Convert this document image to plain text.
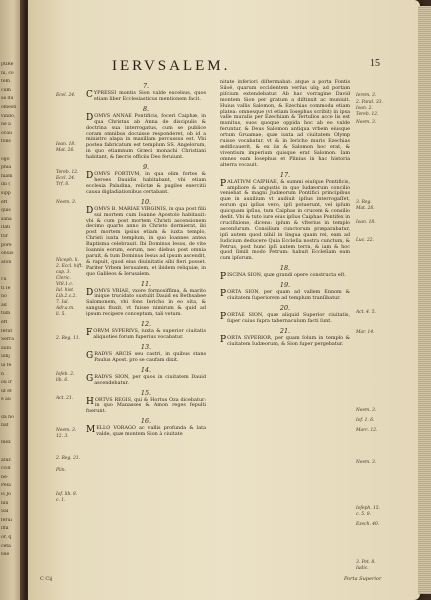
ptiRe
ni, co
tem
cum
as du
omesti
vindo,
ne a
ocau
fons
ogo
phia
hiam
ini (
sipp
eft
quis
sana
itati
tur
pore
onuis
aton
cu
ti Ie
no
ad
tum
eft
ferat
Serra
aulu
udij
ui fe
n
ou ir
ut et
e au
da ho
bat
mex
atur.
ccid
ne-
Pela
is Jo
niu
Sal
ferui
iffa
or, q
ceta
Hie
IERVSALEM.	15
7.
CYPRESSI montis Sion valde excelsus, quos etiam liber Ecclesiasticus mentionem facit.
8.
DOMVS ANNAE Pontificis, foceri Caiphæ, in qua Christus ab Anna de discipulis & doctrina sua interrogatus, cum se publice coram omnibus docuisse responderet, ob id a ministro alapa in maxillam percussus est. Vbi postea fabricatum est templum SS. Angelorum, in quo etiamnum Græci monachi Christiani habitant, & fæcris officiis Deo feruiunt.
9.
DOMVS FORTIVM, in qua olim fortes & heroes Dauidis habitabant, vbi etiam ecclesia Paladina, relictæ & pugiles exercitii causa digladiationibus certabant.
10.
DOMVS B. MARIAE VIRGINIS, in qua post filii sui mortem cum Ioanne Apostolo habitauit: vbi & cum post mortem Christi ascensionem decimo quarto anno in Christo dormierat, ibi post mortem ipsius etiam & iuxta templo, Christi iuxta templum, in quo Ioannes antea Baptisma celebrauit. Ibi Dominus Iesus, de vite Ioannis eorum, eorum, nec diebus post omnia paruit, & tum Dominus Iesus ad ipsum ascendit, & rapuit, quod eius diuinitatis sibi fieri posset. Pariter Vrbem Ierusalem, et ibidem reliquiæ, in quo Galileos & Ierusalem.
11.
DOMVS VRIAE, vxore formosiffima, & marito inique trucidato sustulit Dauid ex Bethsabee Salomonem, vbi fons Iericho in eo sita, & sanguis fluxit, vt fuisse nimirum & quid ad ipsum recipere conceptum, tali vetum.
12.
FORVM SVPERIVS, iuxta & superior ciuitatis aliquoties forum fuperius vocabatur.
13.
GRADVS ARCIS seu castri, in quibus stans Paulus Apost. pro se caufam dixit.
14.
GRADVS SION, per quos in ciuitatem Dauid ascendebatur.
15.
HORTVS REGIS, qui & Hortus Oza dicebatur: in quo Manasses & Amon reges fepulti fuerunt.
16.
MELLO VORAGO ac vallis profunda & lata valde, quæ montem Sion à ciuitate
nitate inferiori diſtermabat: atque a porta Fontis Siloë, quarum occidentem verſus ulq; ad portam piſcium extendebatur. Ab hac vorragine David montem Sion per gratum a diſtinxit ac muniuit. Huius vallis Salomon, & Ezechias commoda etiam platea: omnesque (vt etiam Iosephus scribit) in ipsa valle muralis per Ezechiam & Tertullos acce lis est munitus, suos quoque oppida hoc ab eo valde feruntur, & Deus Salomon antiqua vrbem eiusque ortum Gruamae, quæ iuxta ad ciuitatem Olymp ruisse vocabatur, vt & in Iericho muris Ezechias ædificauerit, & ex iis & Salomon hoc erat, & viventium imperium quisque erat Salomon. Iam omnes eam Iosephus et Plinius in hac historia alterra vocauit.
17.
PALATIVM CAIPHAE, & summi eiuſque Pontificis, ampliore & angustis in quo Iudæorum concilio veniebat & magni Judæorum Pontifici principibus quæ in auxilium vt audiuit ipſius interrogaſſet, eorum qui ipſius vero, ipſi potuerunt, vel ipſum quicquam ipſius, tum Caiphas in crucem & consilio dedit. Vbi & tuto iure eius ipſius Caiphas Pontifex in crucifixione, dicens: ipſum & vlterius in templo ascenſurum. Consilium cunctorum præparabatur, ipſi autem quod nihil in lingua quam rei, eam ad Iudicium deducere Quia Eccleſia nostra cunctum, & Petrus, post hunc ipſi autem terra, & iam & hoc quod ſimili modo Petrum: habuit Eccleſiam eam cum ipſorum.
18.
PISCINA SION, quæ grandi opere constructa eſt.
19.
PORTA SION, per quam ad vallem Ennom & ciuitatem ſuperiorem ad templum tranſibatur.
20.
PORTAE SION, quæ aliquid Superior ciuitatis, ſuper cuius ſupra tabernaculum facti ſunt.
21.
PORTA SVPERIOR, per quam ſolum in templo & ciuitatem Iudæorum, & Sion ſuper pergebatur.
Ecel. 24.
Ioan. 18.
Mat. 26.
Tereb. 12.
Eccl. 24.
Trf. 8.
Neem. 3.
Niceph. li.
2. Eccl. hift.
cap. 3.
Cleric.
Vt8.1.c.
Iul. hist.
Lib.2.c.2.
7. Iul.
Adr.a.m.
li. 5.
2. Reg. 11.
Iofeb. 2.
lib. 6.
Act. 21.
Neem. 3.
12. 3.
2. Reg. 21.
Plin.
Iof. lib. 8.
c. 1.
Ierem. 3.
2. Paral. 33.
Ioan. 2.
Tereb. 12.
Neem. 3.
3. Reg.
Mat. 26.
Ioan. 18.
Luc. 22.
Act. 4. 5.
Mar. 14.
Neem. 3.
Iof. 1. 6.
Marc. 12.
Neem. 3.
Iofeph. 15.
c. 5. 8.
Ezech. 40.
3. Pet. 8.
Iudic.
C Cij	Porta Superior
